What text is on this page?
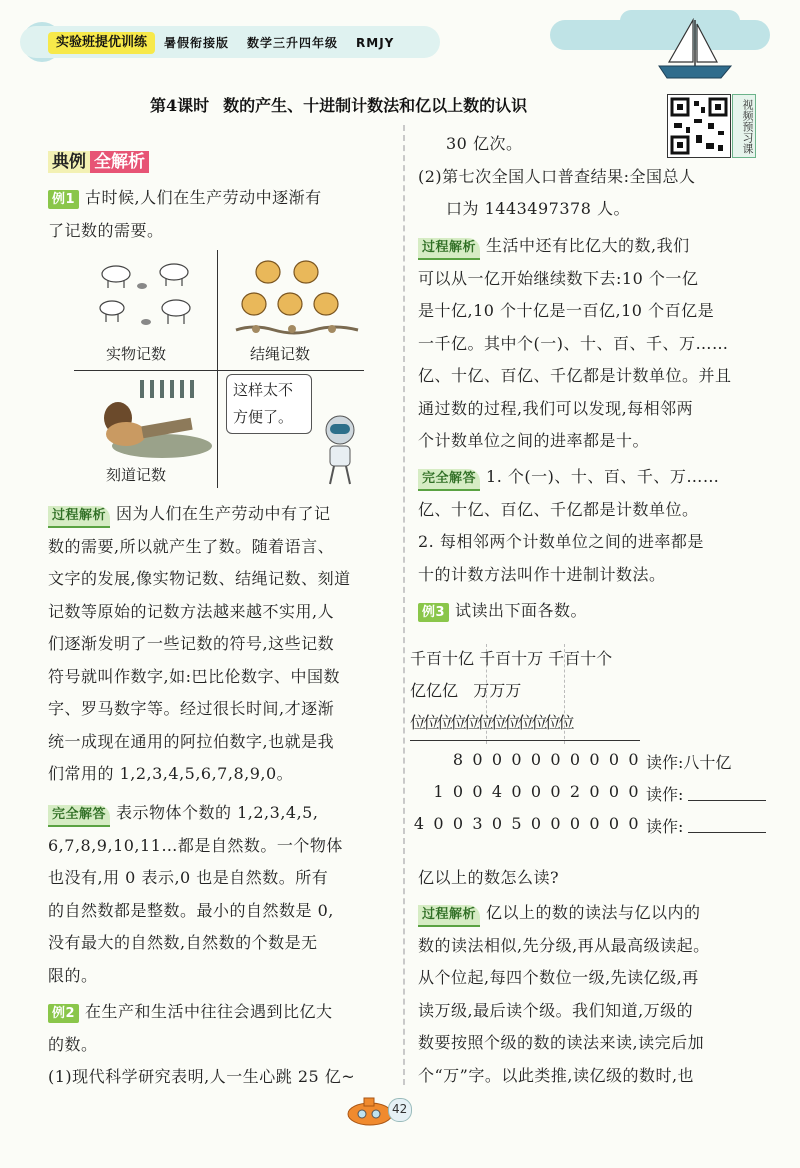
实验班提优训练	暑假衔接版 数学三升四年级 RMJY
第4课时 数的产生、十进制计数法和亿以上数的认识	视频预习课
典例 全解析
例1 古时候,人们在生产劳动中逐渐有
了记数的需要。
实物记数	结绳记数
刻道记数
这样太不
方便了。
过程解析 因为人们在生产劳动中有了记
数的需要,所以就产生了数。随着语言、
文字的发展,像实物记数、结绳记数、刻道
记数等原始的记数方法越来越不实用,人
们逐渐发明了一些记数的符号,这些记数
符号就叫作数字,如:巴比伦数字、中国数
字、罗马数字等。经过很长时间,才逐渐
统一成现在通用的阿拉伯数字,也就是我
们常用的 1,2,3,4,5,6,7,8,9,0。
完全解答 表示物体个数的 1,2,3,4,5,
6,7,8,9,10,11…都是自然数。一个物体
也没有,用 0 表示,0 也是自然数。所有
的自然数都是整数。最小的自然数是 0,
没有最大的自然数,自然数的个数是无
限的。
例2 在生产和生活中往往会遇到比亿大
的数。
(1)现代科学研究表明,人一生心跳 25 亿~
30 亿次。
(2)第七次全国人口普查结果:全国总人
口为 1443497378 人。
过程解析 生活中还有比亿大的数,我们
可以从一亿开始继续数下去:10 个一亿
是十亿,10 个十亿是一百亿,10 个百亿是
一千亿。其中个(一)、十、百、千、万……
亿、十亿、百亿、千亿都是计数单位。并且
通过数的过程,我们可以发现,每相邻两
个计数单位之间的进率都是十。
完全解答 1. 个(一)、十、百、千、万……
亿、十亿、百亿、千亿都是计数单位。
2. 每相邻两个计数单位之间的进率都是
十的计数方法叫作十进制计数法。
例3 试读出下面各数。
千百十亿 千百十万 千百十个
亿亿亿   万万万
位位位位位位位位位位位位
8 0 0 0 0 0 0 0 0 0 读作:八十亿
1 0 0 4 0 0 0 2 0 0 0 读作:
4 0 0 3 0 5 0 0 0 0 0 0 读作:
亿以上的数怎么读?
过程解析 亿以上的数的读法与亿以内的
数的读法相似,先分级,再从最高级读起。
从个位起,每四个数位一级,先读亿级,再
读万级,最后读个级。我们知道,万级的
数要按照个级的数的读法来读,读完后加
个“万”字。以此类推,读亿级的数时,也
42
